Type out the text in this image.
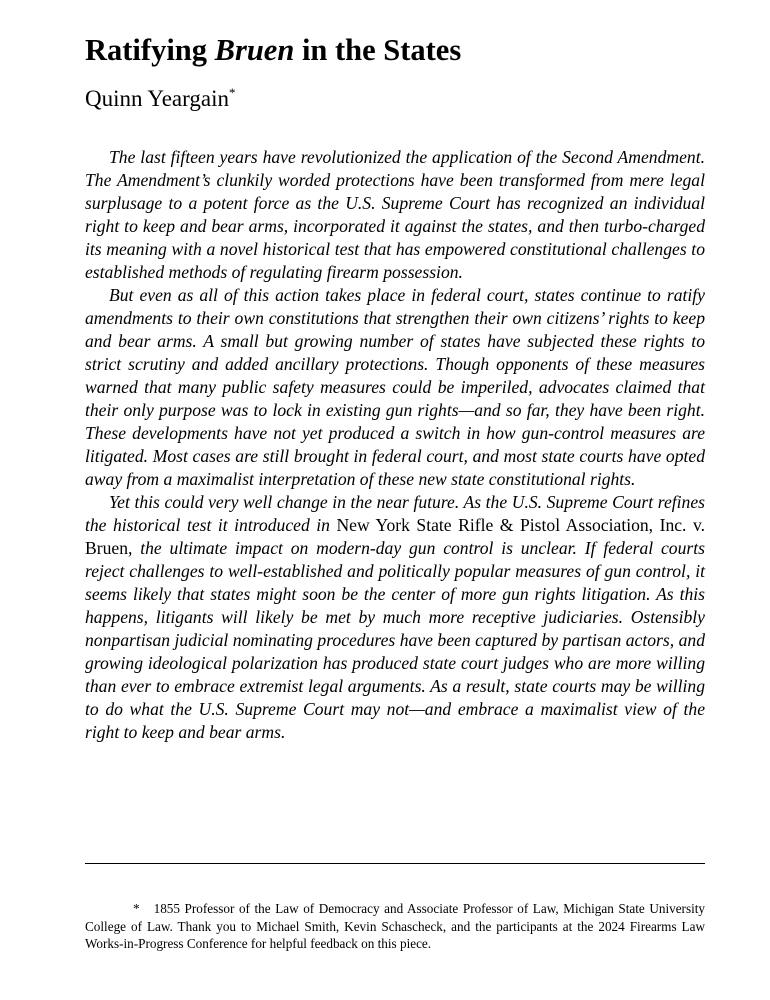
Ratifying Bruen in the States
Quinn Yeargain*

The last fifteen years have revolutionized the application of the Second Amendment. The Amendment’s clunkily worded protections have been transformed from mere legal surplusage to a potent force as the U.S. Supreme Court has recognized an individual right to keep and bear arms, incorporated it against the states, and then turbo-charged its meaning with a novel historical test that has empowered constitutional challenges to established methods of regulating firearm possession.

But even as all of this action takes place in federal court, states continue to ratify amendments to their own constitutions that strengthen their own citizens’ rights to keep and bear arms. A small but growing number of states have subjected these rights to strict scrutiny and added ancillary protections. Though opponents of these measures warned that many public safety measures could be imperiled, advocates claimed that their only purpose was to lock in existing gun rights—and so far, they have been right. These developments have not yet produced a switch in how gun-control measures are litigated. Most cases are still brought in federal court, and most state courts have opted away from a maximalist interpretation of these new state constitutional rights.

Yet this could very well change in the near future. As the U.S. Supreme Court refines the historical test it introduced in New York State Rifle & Pistol Association, Inc. v. Bruen, the ultimate impact on modern-day gun control is unclear. If federal courts reject challenges to well-established and politically popular measures of gun control, it seems likely that states might soon be the center of more gun rights litigation. As this happens, litigants will likely be met by much more receptive judiciaries. Ostensibly nonpartisan judicial nominating procedures have been captured by partisan actors, and growing ideological polarization has produced state court judges who are more willing than ever to embrace extremist legal arguments. As a result, state courts may be willing to do what the U.S. Supreme Court may not—and embrace a maximalist view of the right to keep and bear arms.

* 1855 Professor of the Law of Democracy and Associate Professor of Law, Michigan State University College of Law. Thank you to Michael Smith, Kevin Schascheck, and the participants at the 2024 Firearms Law Works-in-Progress Conference for helpful feedback on this piece.
